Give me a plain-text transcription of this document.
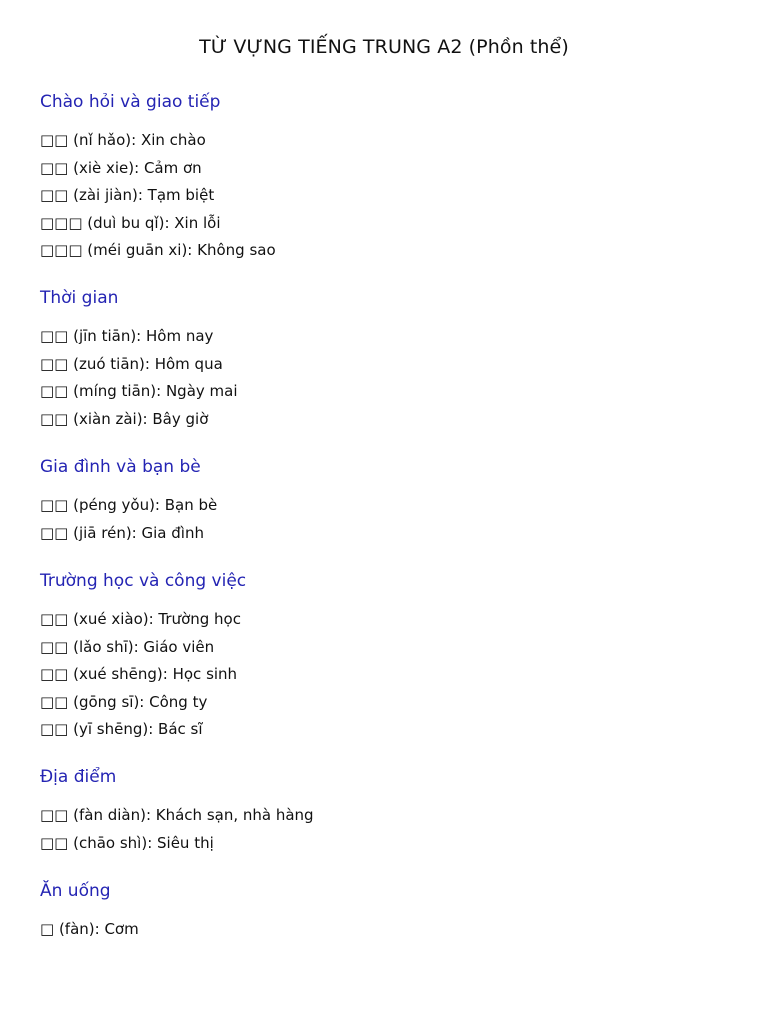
TỪ VỰNG TIẾNG TRUNG A2 (Phồn thể)
Chào hỏi và giao tiếp
□□ (nǐ hǎo): Xin chào
□□ (xiè xie): Cảm ơn
□□ (zài jiàn): Tạm biệt
□□□ (duì bu qǐ): Xin lỗi
□□□ (méi guān xi): Không sao
Thời gian
□□ (jīn tiān): Hôm nay
□□ (zuó tiān): Hôm qua
□□ (míng tiān): Ngày mai
□□ (xiàn zài): Bây giờ
Gia đình và bạn bè
□□ (péng yǒu): Bạn bè
□□ (jiā rén): Gia đình
Trường học và công việc
□□ (xué xiào): Trường học
□□ (lǎo shī): Giáo viên
□□ (xué shēng): Học sinh
□□ (gōng sī): Công ty
□□ (yī shēng): Bác sĩ
Địa điểm
□□ (fàn diàn): Khách sạn, nhà hàng
□□ (chāo shì): Siêu thị
Ăn uống
□ (fàn): Cơm
